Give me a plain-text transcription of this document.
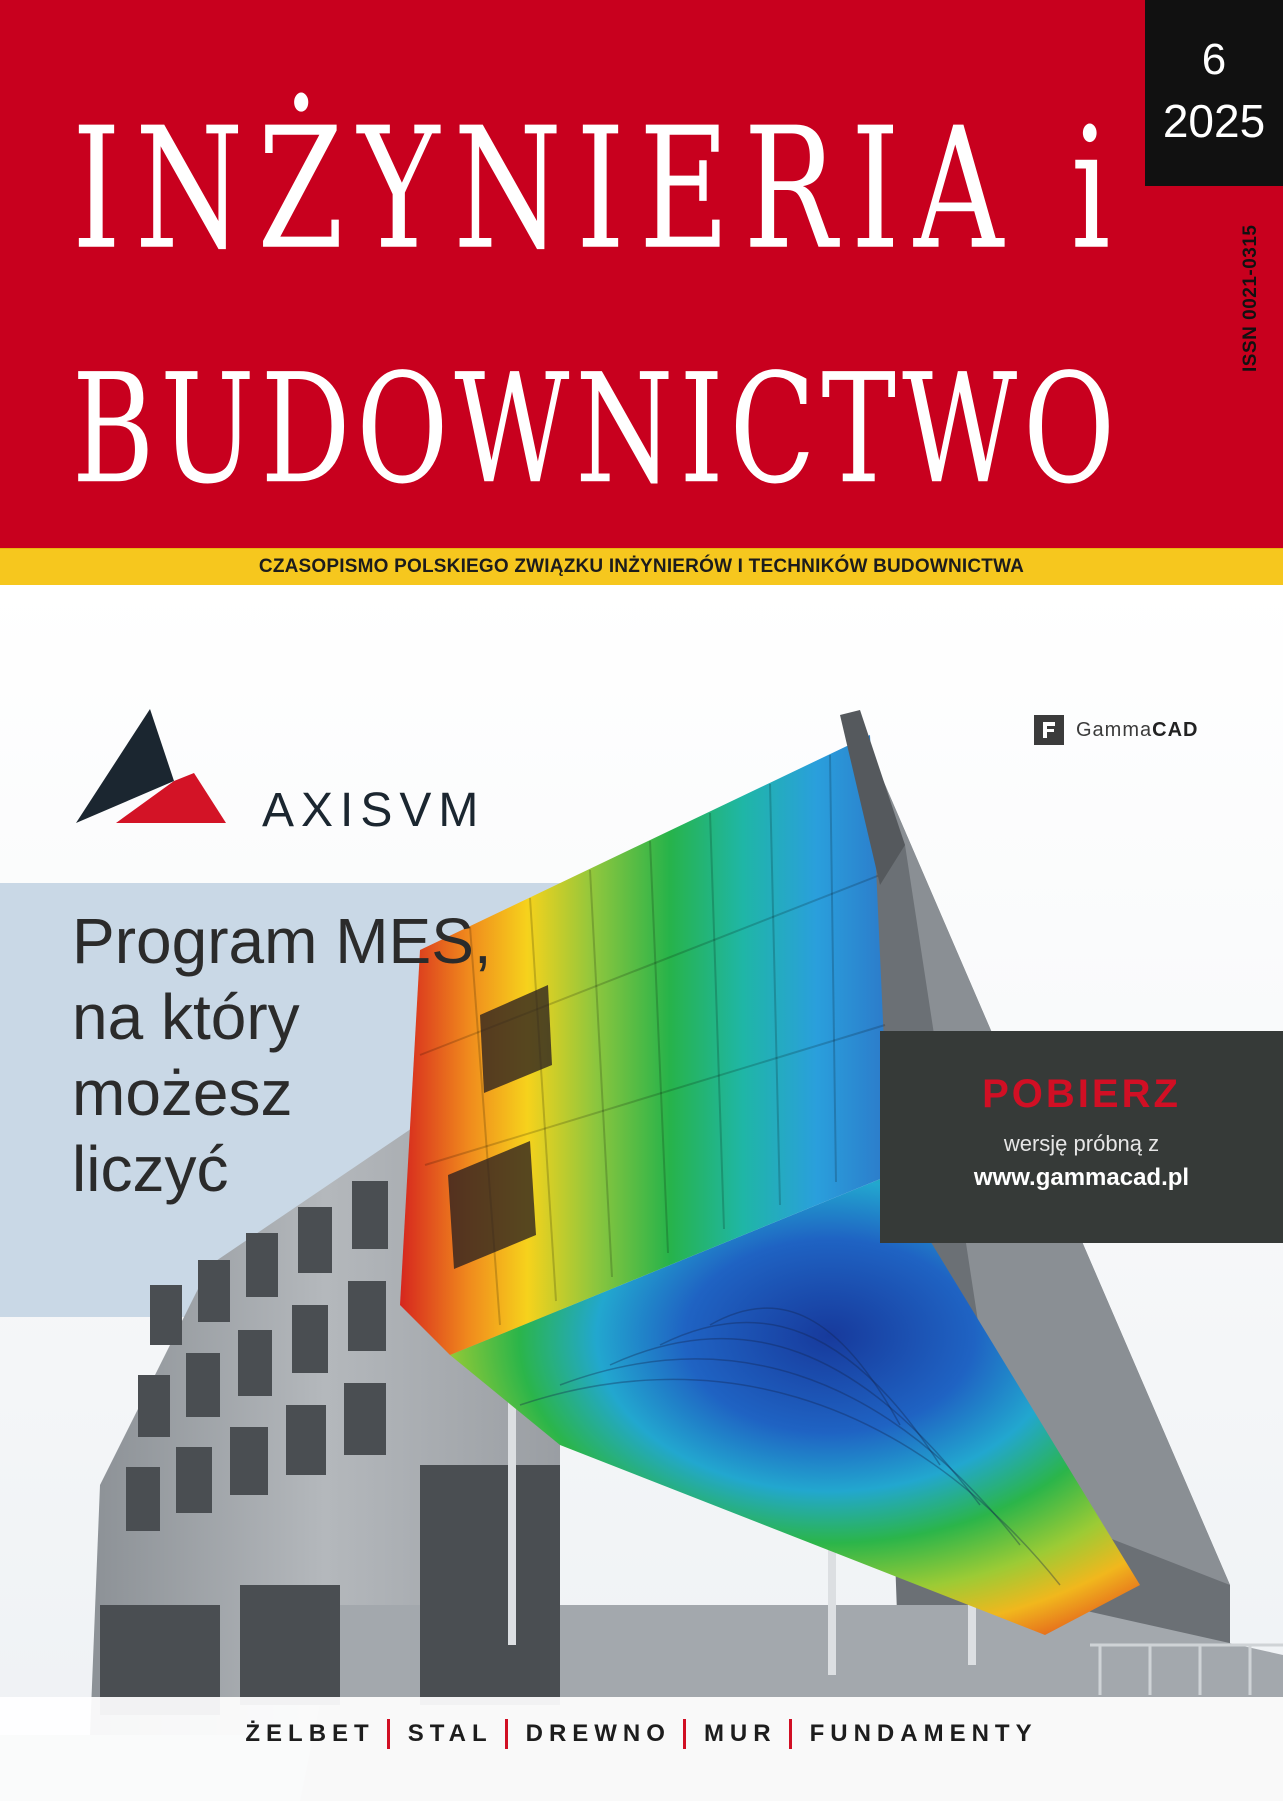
INŻYNIERIA i
BUDOWNICTWO
6
2025
ISSN 0021-0315
CZASOPISMO POLSKIEGO ZWIĄZKU INŻYNIERÓW I TECHNIKÓW BUDOWNICTWA
AXISVM
GammaCAD
Program MES,
na który
możesz
liczyć
POBIERZ
wersję próbną z
www.gammacad.pl
ŻELBET STAL DREWNO MUR FUNDAMENTY
